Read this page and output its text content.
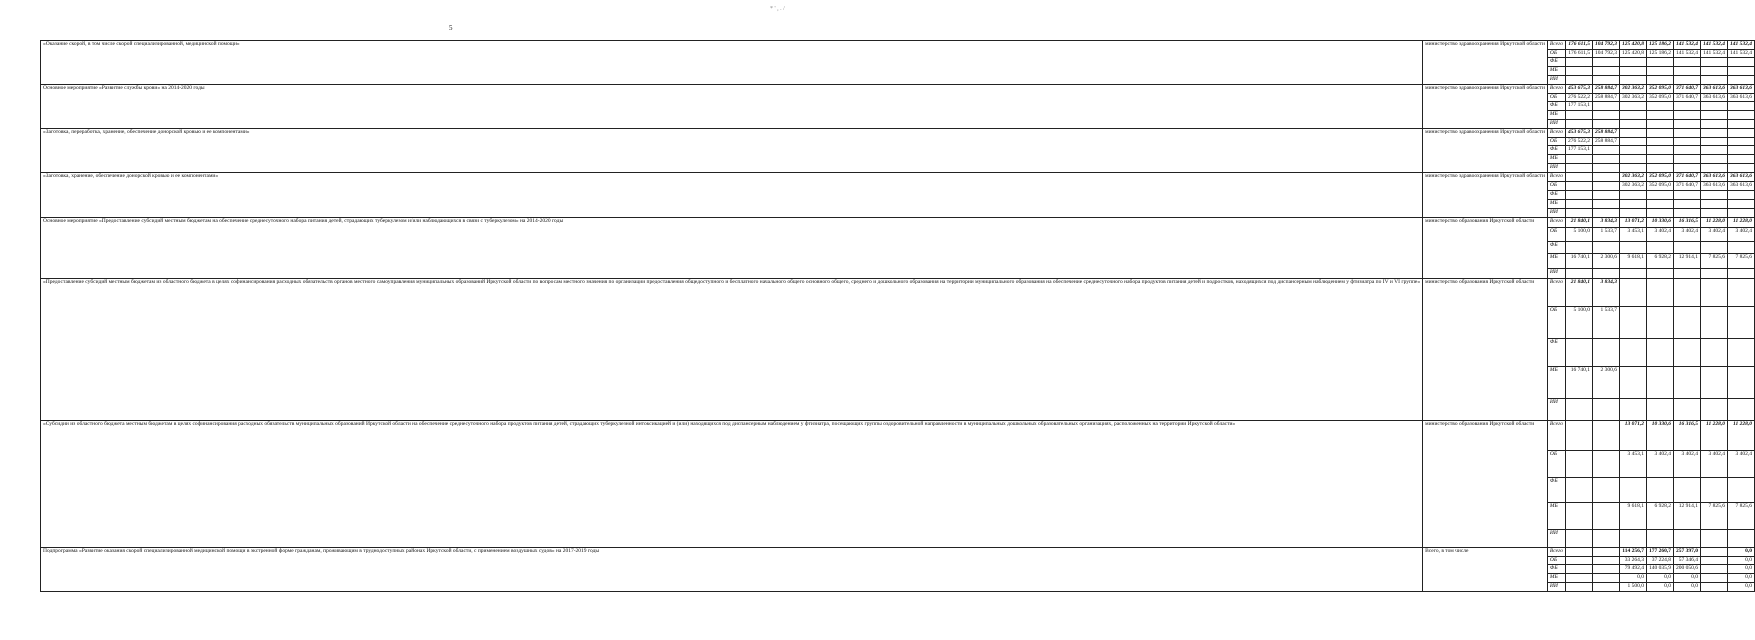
5
* ' , . /
«Оказание скорой, в том числе скорой специализированной, медицинской помощи»	министерство здравоохранения Иркутской области	Всего	176 611,5	104 792,3	125 420,8	125 186,2	141 532,4	141 532,4	141 532,4
		ОБ	176 611,5	104 792,3	125 420,8	125 186,2	141 532,4	141 532,4	141 532,4
		ФБ							
		МБ							
		ИИ							
Основное мероприятие «Развитие службы крови» на 2014-2020 годы	министерство здравоохранения Иркутской области	Всего	453 675,3	258 884,7	302 363,2	352 095,0	371 640,7	363 613,6	363 613,6
		ОБ	276 522,2	258 884,7	302 363,2	352 095,0	371 640,7	363 613,6	363 613,6
		ФБ	177 153,1						
		МБ							
		ИИ							
«Заготовка, переработка, хранение, обеспечение донорской кровью и ее компонентами»	министерство здравоохранения Иркутской области	Всего	453 675,3	258 884,7					
		ОБ	276 522,2	258 884,7					
		ФБ	177 153,1						
		МБ							
		ИИ							
«Заготовка, хранение, обеспечение донорской кровью и ее компонентами»	министерство здравоохранения Иркутской области	Всего			302 363,2	352 095,0	371 640,7	363 613,6	363 613,6
		ОБ			302 363,2	352 095,0	371 640,7	363 613,6	363 613,6
		ФБ							
		МБ							
		ИИ							
Основное мероприятие «Предоставление субсидий местным бюджетам на обеспечение среднесуточного набора питания детей, страдающих туберкулезом и/или наблюдающихся в связи с туберкулезом» на 2014-2020 годы	министерство образования Иркутской области	Всего	21 840,1	3 834,3	13 071,2	10 330,6	16 316,5	11 228,0	11 228,0
		ОБ	5 100,0	1 533,7	3 453,1	3 402,4	3 402,4	3 402,4	3 402,4
		ФБ							
		МБ	16 740,1	2 300,6	9 618,1	6 928,2	12 914,1	7 825,6	7 825,6
		ИИ							
«Предоставление субсидий местным бюджетам из областного бюджета в целях софинансирования расходных обязательств органов местного самоуправления муниципальных образований Иркутской области по вопросам местного значения по организации предоставления общедоступного и бесплатного начального общего основного общего, среднего и дошкольного образования на территории муниципального образования на обеспечение среднесуточного набора продуктов питания детей и подростков, находящихся под диспансерным наблюдением у фтизиатра по IV и VI группе»	министерство образования Иркутской области	Всего	21 840,1	3 834,3					
		ОБ	5 100,0	1 533,7					
		ФБ							
		МБ	16 740,1	2 300,6					
		ИИ							
«Субсидии из областного бюджета местным бюджетам в целях софинансирования расходных обязательств муниципальных образований Иркутской области на обеспечение среднесуточного набора продуктов питания детей, страдающих туберкулезной интоксикацией и (или) находящихся под диспансерным наблюдением у фтизиатра, посещающих группы оздоровительной направленности в муниципальных дошкольных образовательных организациях, расположенных на территории Иркутской области»	министерство образования Иркутской области	Всего			13 071,2	10 330,6	16 316,5	11 228,0	11 228,0
		ОБ			3 453,1	3 402,4	3 402,4	3 402,4	3 402,4
		ФБ							
		МБ			9 618,1	6 928,2	12 914,1	7 825,6	7 825,6
		ИИ							
Подпрограмма «Развитие оказания скорой специализированной медицинской помощи в экстренной форме гражданам, проживающим в труднодоступных районах Иркутской области, с применением воздушных судов» на 2017-2019 годы	Всего, в том числе	Всего			114 256,7	177 260,7	257 397,0		0,0
		ОБ			33 264,3	37 224,8	57 346,4		0,0
		ФБ			79 492,4	140 035,9	200 050,6		0,0
		МБ			0,0	0,0	0,0		0,0
		ИИ			1 500,0	0,0	0,0		0,0
